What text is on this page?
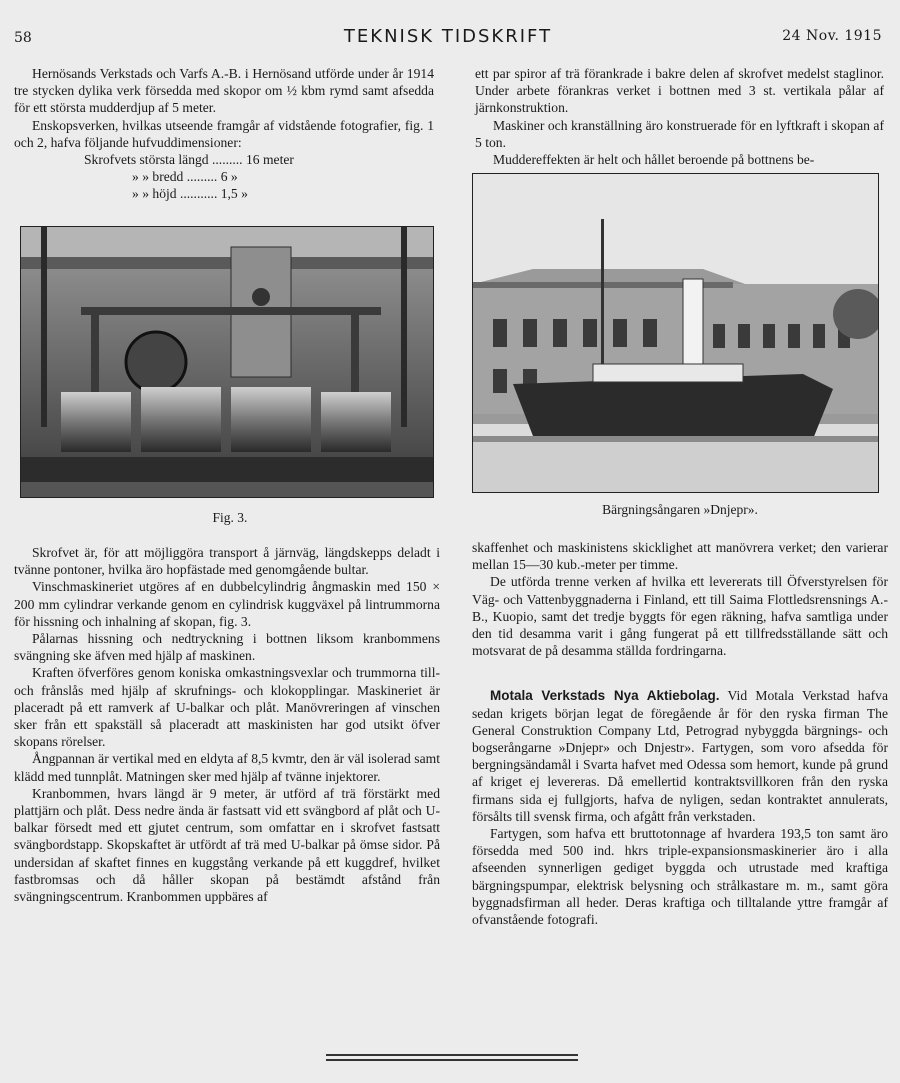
58	TEKNISK TIDSKRIFT	24 Nov. 1915

Hernösands Verkstads och Varfs A.-B. i Hernösand utförde under år 1914 tre stycken dylika verk försedda med skopor om ½ kbm rymd samt afsedda för ett största mudderdjup af 5 meter.

Enskopsverken, hvilkas utseende framgår af vidstående fotografier, fig. 1 och 2, hafva följande hufvuddimensioner:

Skrofvets största längd ......... 16 meter

» » bredd ......... 6 »

» » höjd ........... 1,5 »

Fig. 3.

ett par spiror af trä förankrade i bakre delen af skrofvet medelst staglinor. Under arbete förankras verket i bottnen med 3 st. vertikala pålar af järnkonstruktion.

Maskiner och kranställning äro konstruerade för en lyftkraft i skopan af 5 ton.

Muddereffekten är helt och hållet beroende på bottnens be-

Bärgningsångaren »Dnjepr».

Skrofvet är, för att möjliggöra transport å järnväg, längdskepps deladt i tvänne pontoner, hvilka äro hopfästade med genomgående bultar.

Vinschmaskineriet utgöres af en dubbelcylindrig ångmaskin med 150 × 200 mm cylindrar verkande genom en cylindrisk kuggväxel på lintrummorna för hissning och inhalning af skopan, fig. 3.

Pålarnas hissning och nedtryckning i bottnen liksom kranbommens svängning ske äfven med hjälp af maskinen.

Kraften öfverföres genom koniska omkastningsvexlar och trummorna till- och frånslås med hjälp af skrufnings- och klokopplingar. Maskineriet är placeradt på ett ramverk af U-balkar och plåt. Manövreringen af vinschen sker från ett spakställ så placeradt att maskinisten har god utsikt öfver skopans rörelser.

Ångpannan är vertikal med en eldyta af 8,5 kvmtr, den är väl isolerad samt klädd med tunnplåt. Matningen sker med hjälp af tvänne injektorer.

Kranbommen, hvars längd är 9 meter, är utförd af trä förstärkt med plattjärn och plåt. Dess nedre ända är fastsatt vid ett svängbord af plåt och U-balkar försedt med ett gjutet centrum, som omfattar en i skrofvet fastsatt svängbordstapp. Skopskaftet är utfördt af trä med U-balkar på ömse sidor. På undersidan af skaftet finnes en kuggstång verkande på ett kuggdref, hvilket fastbromsas och då håller skopan på bestämdt afstånd från svängningscentrum. Kranbommen uppbäres af

skaffenhet och maskinistens skicklighet att manövrera verket; den varierar mellan 15—30 kub.-meter per timme.

De utförda trenne verken af hvilka ett levererats till Öfverstyrelsen för Väg- och Vattenbyggnaderna i Finland, ett till Saima Flottledsrensnings A.-B., Kuopio, samt det tredje byggts för egen räkning, hafva samtliga under den tid desamma varit i gång fungerat på ett tillfredsställande sätt och motsvarat de på desamma ställda fordringarna.

Motala Verkstads Nya Aktiebolag. Vid Motala Verkstad hafva sedan krigets början legat de föregående år för den ryska firman The General Construktion Company Ltd, Petrograd nybyggda bärgnings- och bogserångarne »Dnjepr» och Dnjestr». Fartygen, som voro afsedda för bergningsändamål i Svarta hafvet med Odessa som hemort, kunde på grund af kriget ej levereras. Då emellertid kontraktsvillkoren från den ryska firmans sida ej fullgjorts, hafva de nyligen, sedan kontraktet annulerats, försålts till svensk firma, och afgått från verkstaden.

Fartygen, som hafva ett bruttotonnage af hvardera 193,5 ton samt äro försedda med 500 ind. hkrs triple-expansionsmaskinerier äro i alla afseenden synnerligen gediget byggda och utrustade med kraftiga bärgningspumpar, elektrisk belysning och strålkastare m. m., samt göra byggnadsfirman all heder. Deras kraftiga och tilltalande yttre framgår af ofvanstående fotografi.
